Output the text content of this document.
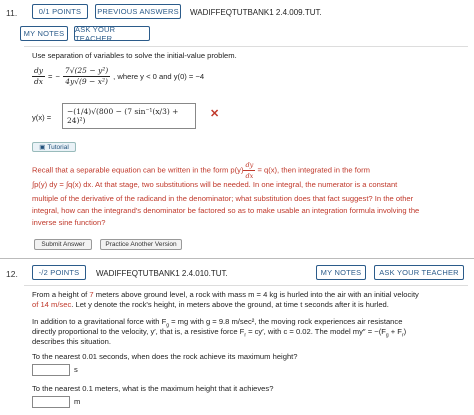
11.	0/1 POINTS	PREVIOUS ANSWERS WADIFFEQTUTBANK1 2.4.009.TUT.
MY NOTES	ASK YOUR TEACHER
Use separation of variables to solve the initial-value problem.
$\frac{dy}{dx}$ = − $\frac{\text{7√(25 − y²)}}{\text{4y√(9 − x²)}}$ , where y < 0 and y(0) = −4
y(x) =
−(1/4)√(800 − (7 sin⁻¹(x/3) + 24)²)
✕
▣ Tutorial
Recall that a separable equation can be written in the form $p(y) \frac{dy}{dx} = q(x)$, then integrated in the form
∫p(y) dy = ∫q(x) dx. At that stage, two substitutions will be needed. In one integral, the numerator is a constant
multiple of the derivative of the radicand in the denominator; what substitution does that fact suggest? In the other
integral, how can the integrand's denominator be factored so as to make usable an integration formula involving the
inverse sine function?
Submit Answer	Practice Another Version
12.	-/2 POINTS	WADIFFEQTUTBANK1 2.4.010.TUT.	MY NOTES	ASK YOUR TEACHER
From a height of 7 meters above ground level, a rock with mass m = 4 kg is hurled into the air with an initial velocity
of 14 m/sec. Let y denote the rock's height, in meters above the ground, at time t seconds after it is hurled.
In addition to a gravitational force with $F_g$ = mg with g = 9.8 m/sec², the moving rock experiences air resistance
directly proportional to the velocity, y′, that is, a resistive force $F_r = cy'$, with c = 0.02. The model $my'' = -(F_g + F_r)$
describes this situation.
To the nearest 0.01 seconds, when does the rock achieve its maximum height?
s
To the nearest 0.1 meters, what is the maximum height that it achieves?
m
